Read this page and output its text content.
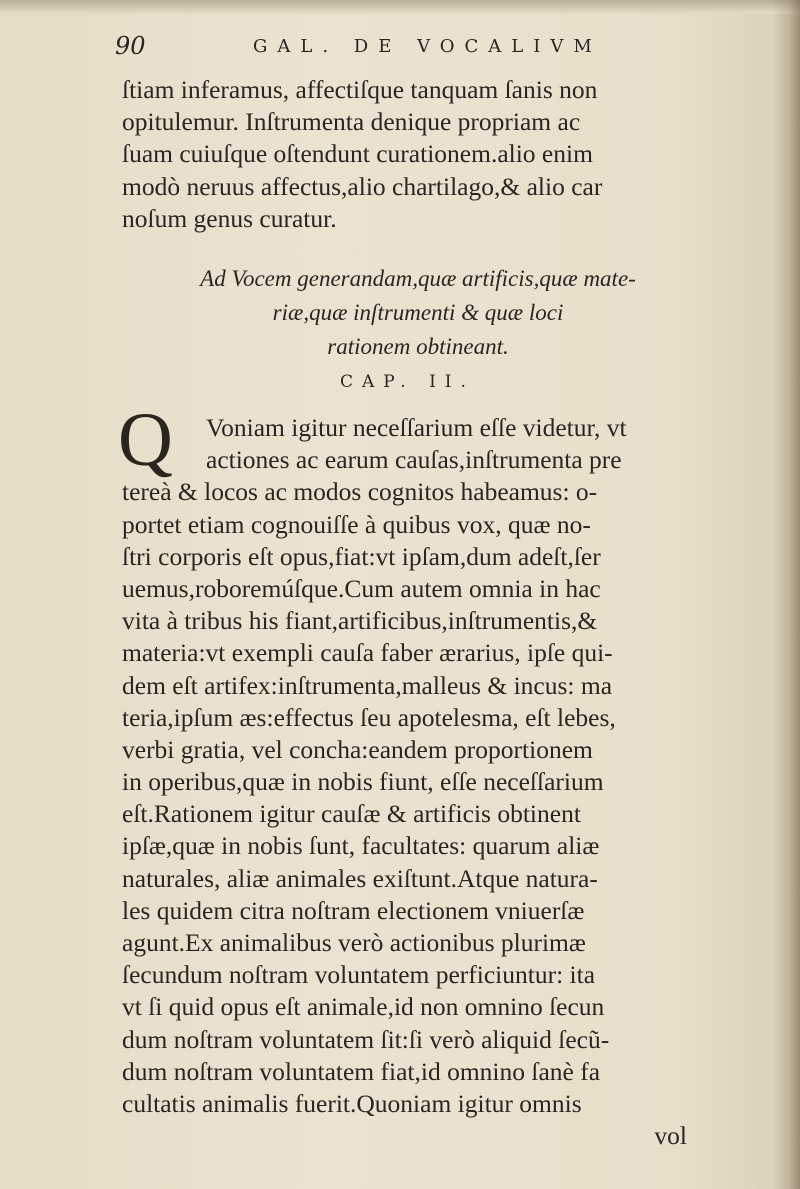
90	GAL. DE VOCALIVM
ſtiam inferamus, affectiſque tanquam ſanis non
opitulemur. Inſtrumenta denique propriam ac
ſuam cuiuſque oſtendunt curationem.alio enim
modò neruus affectus,alio chartilago,& alio car
noſum genus curatur.
Ad Vocem generandam,quæ artificis,quæ mate-
riæ,quæ inſtrumenti & quæ loci
rationem obtineant.
CAP. II.
Q	Voniam igitur neceſſarium eſſe videtur, vt
actiones ac earum cauſas,inſtrumenta pre
tereà & locos ac modos cognitos habeamus: o-
portet etiam cognouiſſe à quibus vox, quæ no-
ſtri corporis eſt opus,fiat:vt ipſam,dum adeſt,ſer
uemus,roboremúſque.Cum autem omnia in hac
vita à tribus his fiant,artificibus,inſtrumentis,&
materia:vt exempli cauſa faber ærarius, ipſe qui-
dem eſt artifex:inſtrumenta,malleus & incus: ma
teria,ipſum æs:effectus ſeu apotelesma, eſt lebes,
verbi gratia, vel concha:eandem proportionem
in operibus,quæ in nobis fiunt, eſſe neceſſarium
eſt.Rationem igitur cauſæ & artificis obtinent
ipſæ,quæ in nobis ſunt, facultates: quarum aliæ
naturales, aliæ animales exiſtunt.Atque natura-
les quidem citra noſtram electionem vniuerſæ
agunt.Ex animalibus verò actionibus plurimæ
ſecundum noſtram voluntatem perficiuntur: ita
vt ſi quid opus eſt animale,id non omnino ſecun
dum noſtram voluntatem ſit:ſi verò aliquid ſecũ-
dum noſtram voluntatem fiat,id omnino ſanè fa
cultatis animalis fuerit.Quoniam igitur omnis
vol
